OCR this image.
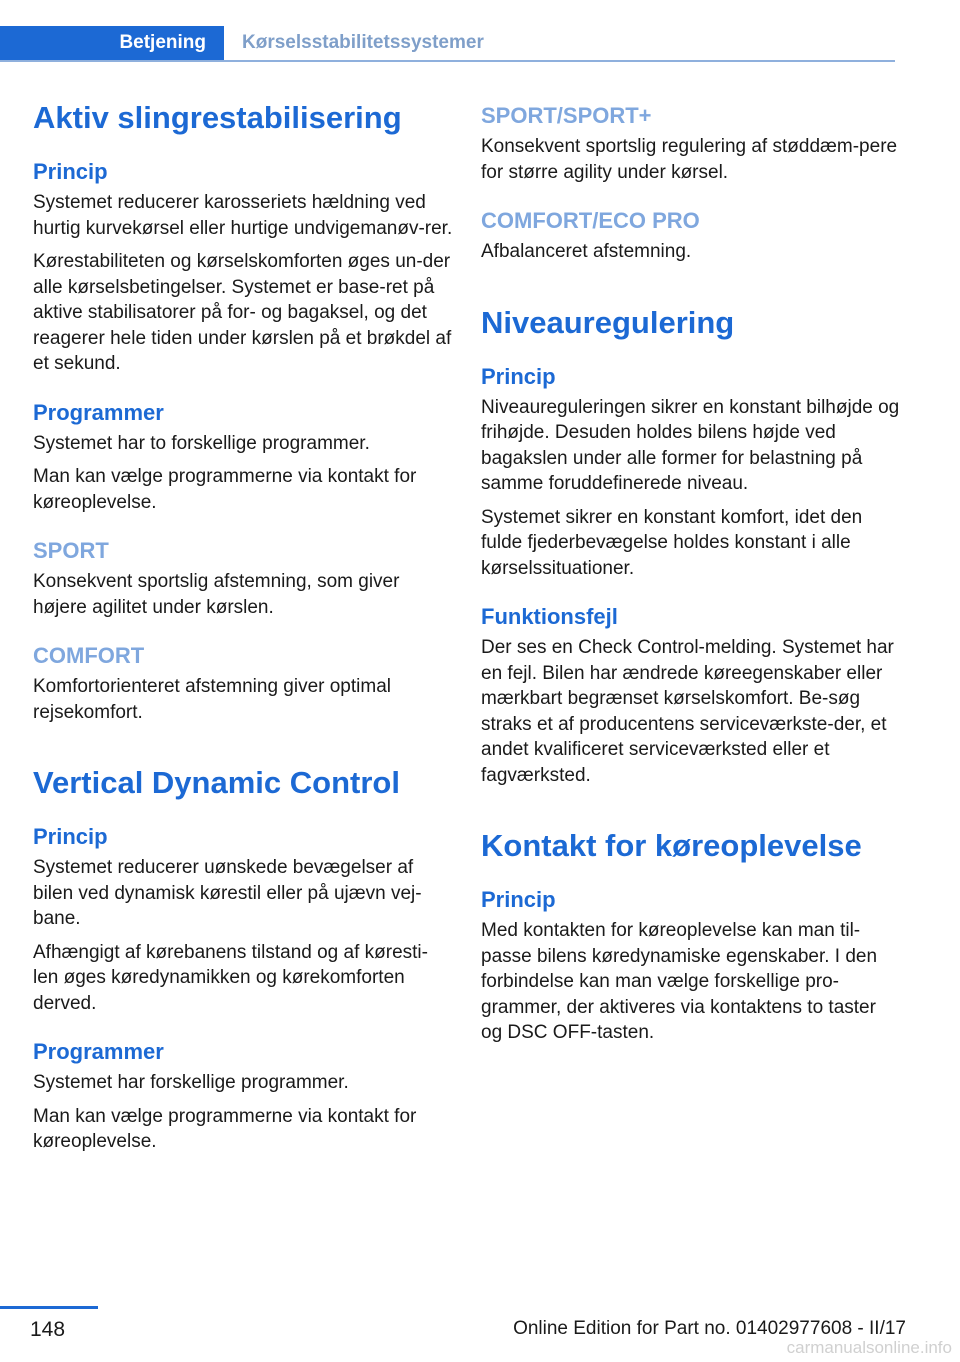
Betjening	Kørselsstabilitetssystemer
Aktiv slingrestabilisering
Princip

Systemet reducerer karosseriets hældning ved hurtig kurvekørsel eller hurtige undvigemanøv-rer.

Kørestabiliteten og kørselskomforten øges un-der alle kørselsbetingelser. Systemet er base-ret på aktive stabilisatorer på for- og bagaksel, og det reagerer hele tiden under kørslen på et brøkdel af et sekund.

Programmer

Systemet har to forskellige programmer.

Man kan vælge programmerne via kontakt for køreoplevelse.

SPORT

Konsekvent sportslig afstemning, som giver højere agilitet under kørslen.

COMFORT

Komfortorienteret afstemning giver optimal rejsekomfort.

Vertical Dynamic Control
Princip

Systemet reducerer uønskede bevægelser af bilen ved dynamisk kørestil eller på ujævn vej-bane.

Afhængigt af kørebanens tilstand og af køresti-len øges køredynamikken og kørekomforten derved.

Programmer

Systemet har forskellige programmer.

Man kan vælge programmerne via kontakt for køreoplevelse.

SPORT/SPORT+

Konsekvent sportslig regulering af støddæm-pere for større agility under kørsel.

COMFORT/ECO PRO

Afbalanceret afstemning.

Niveauregulering
Princip

Niveaureguleringen sikrer en konstant bilhøjde og frihøjde. Desuden holdes bilens højde ved bagakslen under alle former for belastning på samme foruddefinerede niveau.

Systemet sikrer en konstant komfort, idet den fulde fjederbevægelse holdes konstant i alle kørselssituationer.

Funktionsfejl

Der ses en Check Control-melding. Systemet har en fejl. Bilen har ændrede køreegenskaber eller mærkbart begrænset kørselskomfort. Be-søg straks et af producentens serviceværkste-der, et andet kvalificeret serviceværksted eller et fagværksted.

Kontakt for køreoplevelse
Princip

Med kontakten for køreoplevelse kan man til-passe bilens køredynamiske egenskaber. I den forbindelse kan man vælge forskellige pro-grammer, der aktiveres via kontaktens to taster og DSC OFF-tasten.

148	Online Edition for Part no. 01402977608 - II/17
carmanualsonline.info
